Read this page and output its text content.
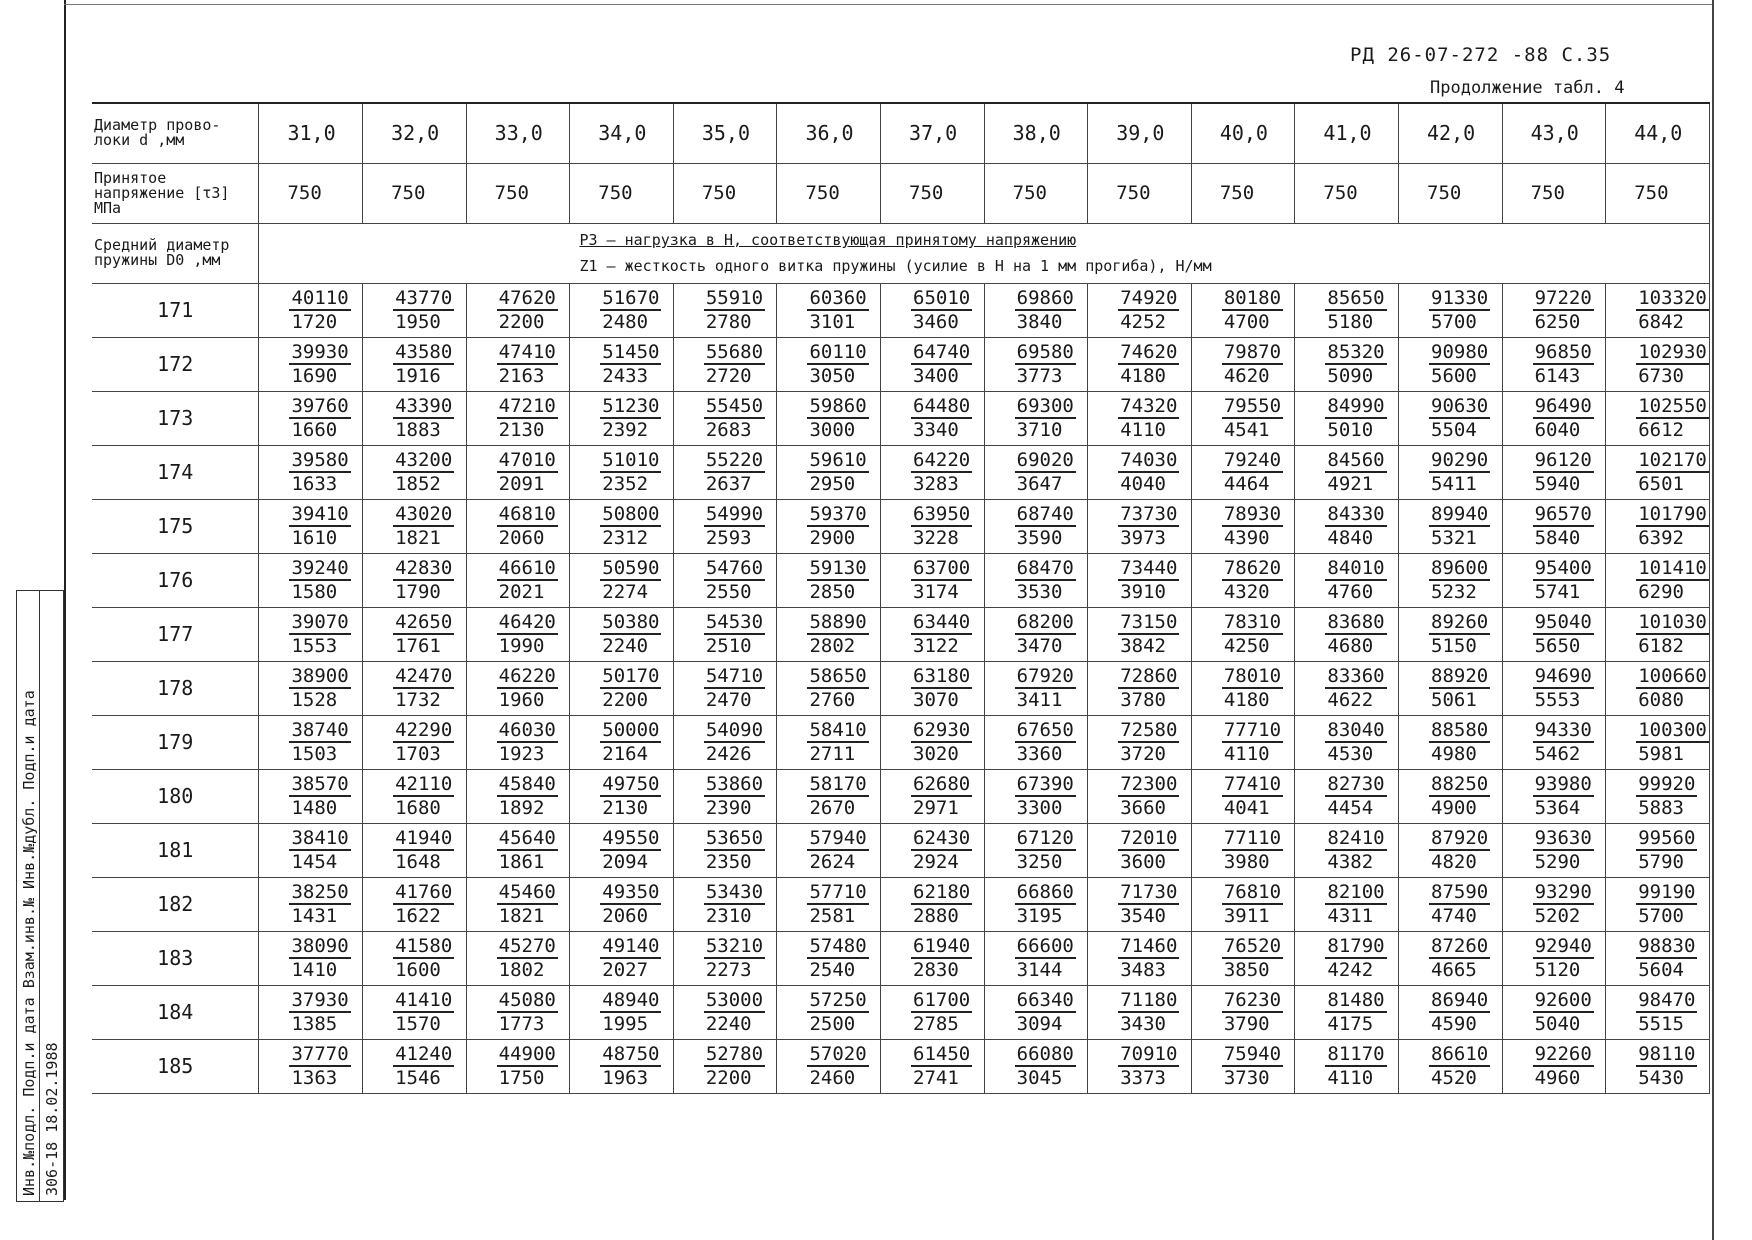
РД 26-07-272 -88 С.35
Продолжение табл. 4
Диаметр прово-локи d ,мм	31,0	32,0	33,0	34,0	35,0	36,0	37,0	38,0	39,0	40,0	41,0	42,0	43,0	44,0
Принятое напряжение [τ3] МПа	750	750	750	750	750	750	750	750	750	750	750	750	750	750
Средний диаметр пружины D0 ,мм	P3 – нагрузка в Н, соответствующая принятому напряжению
Z1 – жесткость одного витка пружины (усилие в Н на 1 мм прогиба), Н/мм													

171	$\frac{40110}{1720}$	$\frac{43770}{1950}$	$\frac{47620}{2200}$	$\frac{51670}{2480}$	$\frac{55910}{2780}$	$\frac{60360}{3101}$	$\frac{65010}{3460}$	$\frac{69860}{3840}$	$\frac{74920}{4252}$	$\frac{80180}{4700}$	$\frac{85650}{5180}$	$\frac{91330}{5700}$	$\frac{97220}{6250}$	$\frac{103320}{6842}$

172	$\frac{39930}{1690}$	$\frac{43580}{1916}$	$\frac{47410}{2163}$	$\frac{51450}{2433}$	$\frac{55680}{2720}$	$\frac{60110}{3050}$	$\frac{64740}{3400}$	$\frac{69580}{3773}$	$\frac{74620}{4180}$	$\frac{79870}{4620}$	$\frac{85320}{5090}$	$\frac{90980}{5600}$	$\frac{96850}{6143}$	$\frac{102930}{6730}$

173	$\frac{39760}{1660}$	$\frac{43390}{1883}$	$\frac{47210}{2130}$	$\frac{51230}{2392}$	$\frac{55450}{2683}$	$\frac{59860}{3000}$	$\frac{64480}{3340}$	$\frac{69300}{3710}$	$\frac{74320}{4110}$	$\frac{79550}{4541}$	$\frac{84990}{5010}$	$\frac{90630}{5504}$	$\frac{96490}{6040}$	$\frac{102550}{6612}$

174	$\frac{39580}{1633}$	$\frac{43200}{1852}$	$\frac{47010}{2091}$	$\frac{51010}{2352}$	$\frac{55220}{2637}$	$\frac{59610}{2950}$	$\frac{64220}{3283}$	$\frac{69020}{3647}$	$\frac{74030}{4040}$	$\frac{79240}{4464}$	$\frac{84560}{4921}$	$\frac{90290}{5411}$	$\frac{96120}{5940}$	$\frac{102170}{6501}$

175	$\frac{39410}{1610}$	$\frac{43020}{1821}$	$\frac{46810}{2060}$	$\frac{50800}{2312}$	$\frac{54990}{2593}$	$\frac{59370}{2900}$	$\frac{63950}{3228}$	$\frac{68740}{3590}$	$\frac{73730}{3973}$	$\frac{78930}{4390}$	$\frac{84330}{4840}$	$\frac{89940}{5321}$	$\frac{96570}{5840}$	$\frac{101790}{6392}$

176	$\frac{39240}{1580}$	$\frac{42830}{1790}$	$\frac{46610}{2021}$	$\frac{50590}{2274}$	$\frac{54760}{2550}$	$\frac{59130}{2850}$	$\frac{63700}{3174}$	$\frac{68470}{3530}$	$\frac{73440}{3910}$	$\frac{78620}{4320}$	$\frac{84010}{4760}$	$\frac{89600}{5232}$	$\frac{95400}{5741}$	$\frac{101410}{6290}$

177	$\frac{39070}{1553}$	$\frac{42650}{1761}$	$\frac{46420}{1990}$	$\frac{50380}{2240}$	$\frac{54530}{2510}$	$\frac{58890}{2802}$	$\frac{63440}{3122}$	$\frac{68200}{3470}$	$\frac{73150}{3842}$	$\frac{78310}{4250}$	$\frac{83680}{4680}$	$\frac{89260}{5150}$	$\frac{95040}{5650}$	$\frac{101030}{6182}$

178	$\frac{38900}{1528}$	$\frac{42470}{1732}$	$\frac{46220}{1960}$	$\frac{50170}{2200}$	$\frac{54710}{2470}$	$\frac{58650}{2760}$	$\frac{63180}{3070}$	$\frac{67920}{3411}$	$\frac{72860}{3780}$	$\frac{78010}{4180}$	$\frac{83360}{4622}$	$\frac{88920}{5061}$	$\frac{94690}{5553}$	$\frac{100660}{6080}$

179	$\frac{38740}{1503}$	$\frac{42290}{1703}$	$\frac{46030}{1923}$	$\frac{50000}{2164}$	$\frac{54090}{2426}$	$\frac{58410}{2711}$	$\frac{62930}{3020}$	$\frac{67650}{3360}$	$\frac{72580}{3720}$	$\frac{77710}{4110}$	$\frac{83040}{4530}$	$\frac{88580}{4980}$	$\frac{94330}{5462}$	$\frac{100300}{5981}$

180	$\frac{38570}{1480}$	$\frac{42110}{1680}$	$\frac{45840}{1892}$	$\frac{49750}{2130}$	$\frac{53860}{2390}$	$\frac{58170}{2670}$	$\frac{62680}{2971}$	$\frac{67390}{3300}$	$\frac{72300}{3660}$	$\frac{77410}{4041}$	$\frac{82730}{4454}$	$\frac{88250}{4900}$	$\frac{93980}{5364}$	$\frac{99920}{5883}$

181	$\frac{38410}{1454}$	$\frac{41940}{1648}$	$\frac{45640}{1861}$	$\frac{49550}{2094}$	$\frac{53650}{2350}$	$\frac{57940}{2624}$	$\frac{62430}{2924}$	$\frac{67120}{3250}$	$\frac{72010}{3600}$	$\frac{77110}{3980}$	$\frac{82410}{4382}$	$\frac{87920}{4820}$	$\frac{93630}{5290}$	$\frac{99560}{5790}$

182	$\frac{38250}{1431}$	$\frac{41760}{1622}$	$\frac{45460}{1821}$	$\frac{49350}{2060}$	$\frac{53430}{2310}$	$\frac{57710}{2581}$	$\frac{62180}{2880}$	$\frac{66860}{3195}$	$\frac{71730}{3540}$	$\frac{76810}{3911}$	$\frac{82100}{4311}$	$\frac{87590}{4740}$	$\frac{93290}{5202}$	$\frac{99190}{5700}$

183	$\frac{38090}{1410}$	$\frac{41580}{1600}$	$\frac{45270}{1802}$	$\frac{49140}{2027}$	$\frac{53210}{2273}$	$\frac{57480}{2540}$	$\frac{61940}{2830}$	$\frac{66600}{3144}$	$\frac{71460}{3483}$	$\frac{76520}{3850}$	$\frac{81790}{4242}$	$\frac{87260}{4665}$	$\frac{92940}{5120}$	$\frac{98830}{5604}$

184	$\frac{37930}{1385}$	$\frac{41410}{1570}$	$\frac{45080}{1773}$	$\frac{48940}{1995}$	$\frac{53000}{2240}$	$\frac{57250}{2500}$	$\frac{61700}{2785}$	$\frac{66340}{3094}$	$\frac{71180}{3430}$	$\frac{76230}{3790}$	$\frac{81480}{4175}$	$\frac{86940}{4590}$	$\frac{92600}{5040}$	$\frac{98470}{5515}$

185	$\frac{37770}{1363}$	$\frac{41240}{1546}$	$\frac{44900}{1750}$	$\frac{48750}{1963}$	$\frac{52780}{2200}$	$\frac{57020}{2460}$	$\frac{61450}{2741}$	$\frac{66080}{3045}$	$\frac{70910}{3373}$	$\frac{75940}{3730}$	$\frac{81170}{4110}$	$\frac{86610}{4520}$	$\frac{92260}{4960}$	$\frac{98110}{5430}$
Инв.№подл. Подп.и дата Взам.инв.№ Инв.№дубл. Подп.и дата 306-18 18.02.1988
